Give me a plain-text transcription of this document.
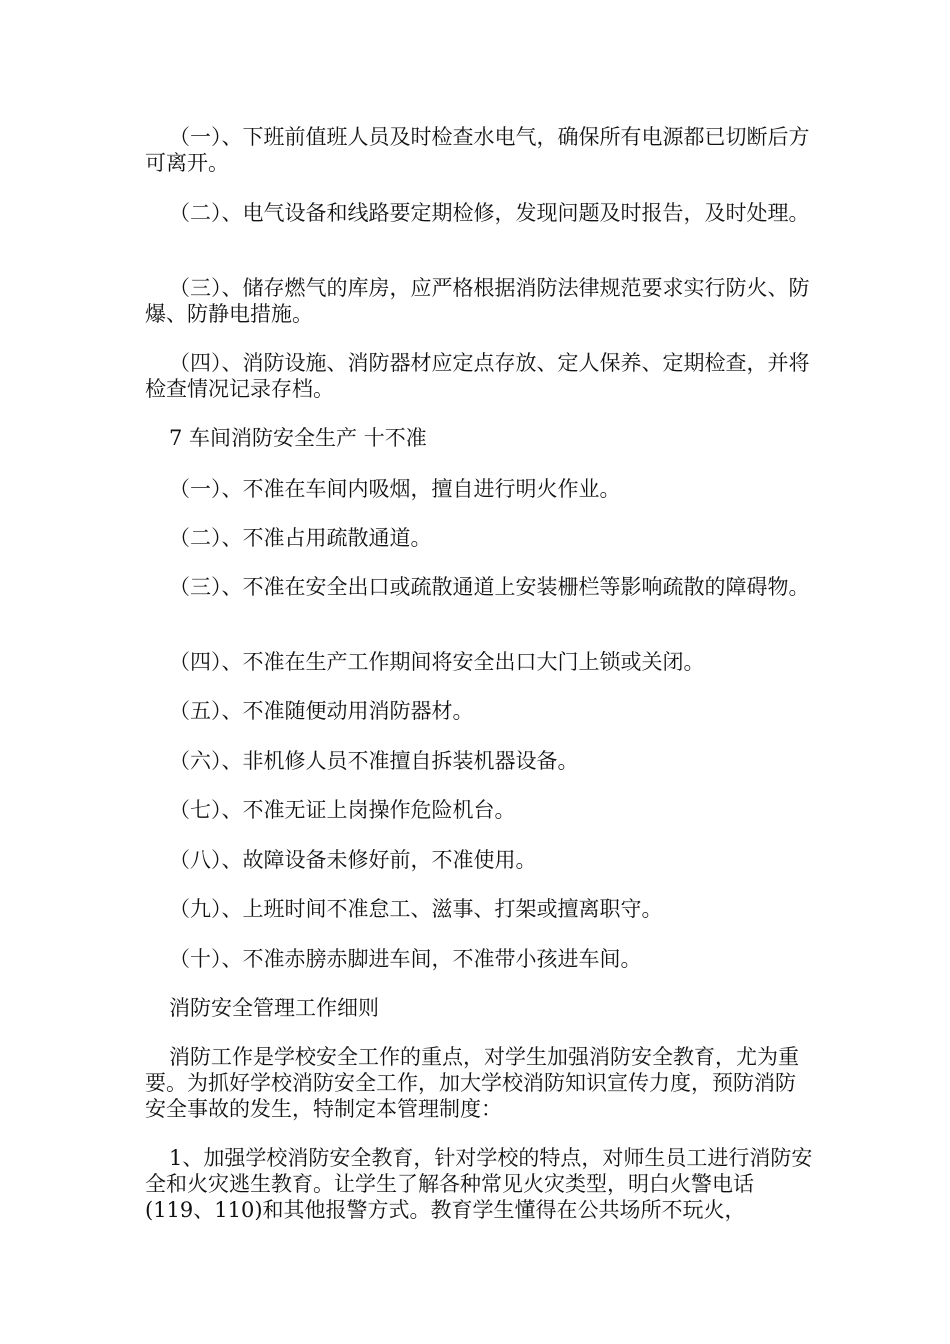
（一）、下班前值班人员及时检查水电气，确保所有电源都已切断后方可离开。

（二）、电气设备和线路要定期检修，发现问题及时报告，及时处理。

（三）、储存燃气的库房，应严格根据消防法律规范要求实行防火、防爆、防静电措施。

（四）、消防设施、消防器材应定点存放、定人保养、定期检查，并将检查情况记录存档。

7 车间消防安全生产 十不准

（一）、不准在车间内吸烟，擅自进行明火作业。

（二）、不准占用疏散通道。

（三）、不准在安全出口或疏散通道上安装栅栏等影响疏散的障碍物。

（四）、不准在生产工作期间将安全出口大门上锁或关闭。

（五）、不准随便动用消防器材。

（六）、非机修人员不准擅自拆装机器设备。

（七）、不准无证上岗操作危险机台。

（八）、故障设备未修好前，不准使用。

（九）、上班时间不准怠工、滋事、打架或擅离职守。

（十）、不准赤膀赤脚进车间，不准带小孩进车间。

消防安全管理工作细则

消防工作是学校安全工作的重点，对学生加强消防安全教育，尤为重要。为抓好学校消防安全工作，加大学校消防知识宣传力度，预防消防安全事故的发生，特制定本管理制度：

1、加强学校消防安全教育，针对学校的特点，对师生员工进行消防安全和火灾逃生教育。让学生了解各种常见火灾类型，明白火警电话(119、110)和其他报警方式。教育学生懂得在公共场所不玩火，
